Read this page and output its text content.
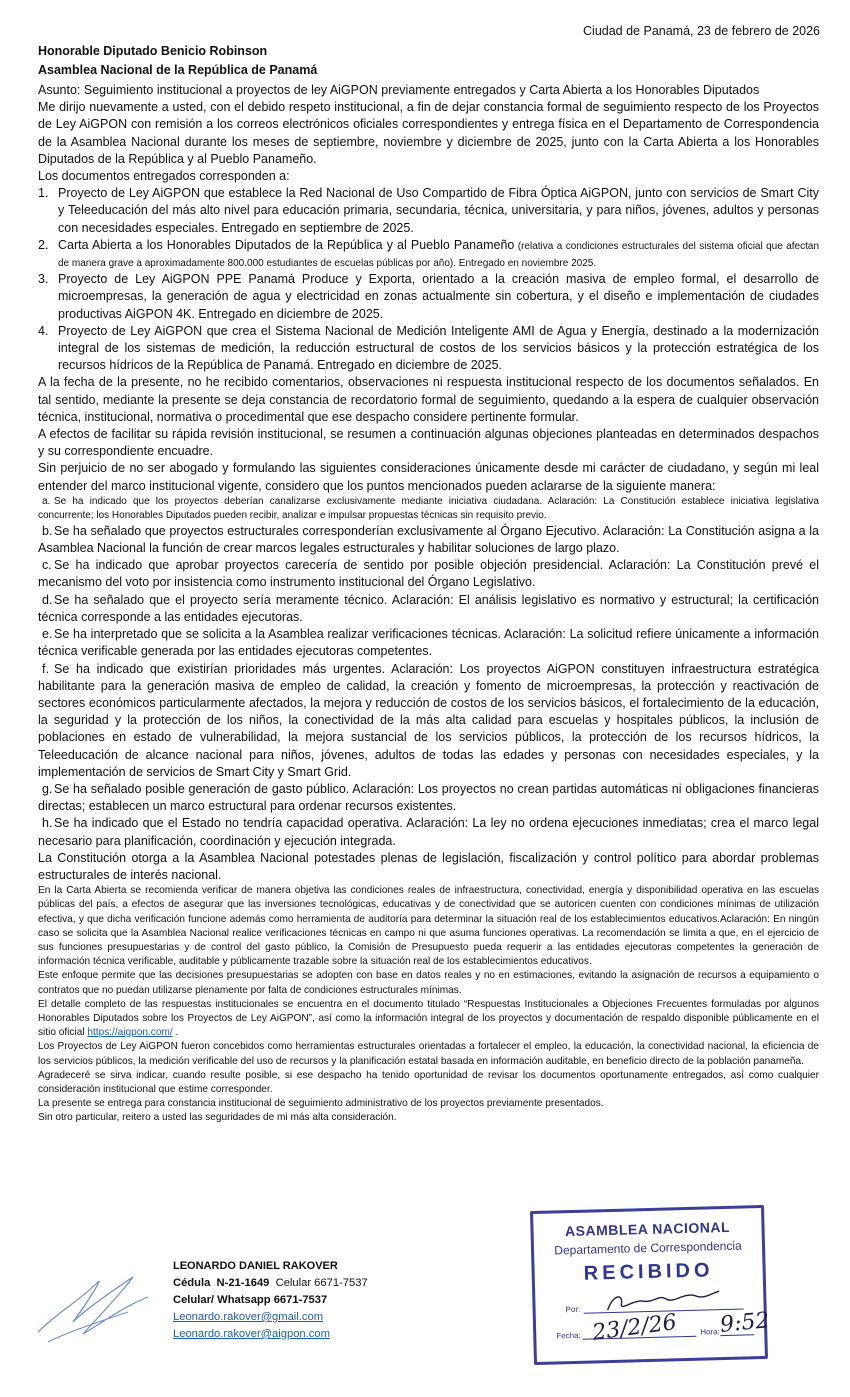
Ciudad de Panamá, 23 de febrero de 2026
Honorable Diputado Benicio Robinson
Asamblea Nacional de la República de Panamá

Asunto: Seguimiento institucional a proyectos de ley AiGPON previamente entregados y Carta Abierta a los Honorables Diputados

Me dirijo nuevamente a usted, con el debido respeto institucional, a fin de dejar constancia formal de seguimiento respecto de los Proyectos de Ley AiGPON con remisión a los correos electrónicos oficiales correspondientes y entrega física en el Departamento de Correspondencia de la Asamblea Nacional durante los meses de septiembre, noviembre y diciembre de 2025, junto con la Carta Abierta a los Honorables Diputados de la República y al Pueblo Panameño.

Los documentos entregados corresponden a:

1. Proyecto de Ley AiGPON que establece la Red Nacional de Uso Compartido de Fibra Óptica AiGPON, junto con servicios de Smart City y Teleeducación del más alto nivel para educación primaria, secundaria, técnica, universitaria, y para niños, jóvenes, adultos y personas con necesidades especiales. Entregado en septiembre de 2025.
2. Carta Abierta a los Honorables Diputados de la República y al Pueblo Panameño (relativa a condiciones estructurales del sistema oficial que afectan de manera grave a aproximadamente 800.000 estudiantes de escuelas públicas por año). Entregado en noviembre 2025.
3. Proyecto de Ley AiGPON PPE Panamá Produce y Exporta, orientado a la creación masiva de empleo formal, el desarrollo de microempresas, la generación de agua y electricidad en zonas actualmente sin cobertura, y el diseño e implementación de ciudades productivas AiGPON 4K. Entregado en diciembre de 2025.
4. Proyecto de Ley AiGPON que crea el Sistema Nacional de Medición Inteligente AMI de Agua y Energía, destinado a la modernización integral de los sistemas de medición, la reducción estructural de costos de los servicios básicos y la protección estratégica de los recursos hídricos de la República de Panamá. Entregado en diciembre de 2025.

A la fecha de la presente, no he recibido comentarios, observaciones ni respuesta institucional respecto de los documentos señalados. En tal sentido, mediante la presente se deja constancia de recordatorio formal de seguimiento, quedando a la espera de cualquier observación técnica, institucional, normativa o procedimental que ese despacho considere pertinente formular.

A efectos de facilitar su rápida revisión institucional, se resumen a continuación algunas objeciones planteadas en determinados despachos y su correspondiente encuadre.

Sin perjuicio de no ser abogado y formulando las siguientes consideraciones únicamente desde mi carácter de ciudadano, y según mi leal entender del marco institucional vigente, considero que los puntos mencionados pueden aclararse de la siguiente manera:

a. Se ha indicado que los proyectos deberían canalizarse exclusivamente mediante iniciativa ciudadana. Aclaración: La Constitución establece iniciativa legislativa concurrente; los Honorables Diputados pueden recibir, analizar e impulsar propuestas técnicas sin requisito previo.

b. Se ha señalado que proyectos estructurales corresponderían exclusivamente al Órgano Ejecutivo. Aclaración: La Constitución asigna a la Asamblea Nacional la función de crear marcos legales estructurales y habilitar soluciones de largo plazo.

c. Se ha indicado que aprobar proyectos carecería de sentido por posible objeción presidencial. Aclaración: La Constitución prevé el mecanismo del voto por insistencia como instrumento institucional del Órgano Legislativo.

d. Se ha señalado que el proyecto sería meramente técnico. Aclaración: El análisis legislativo es normativo y estructural; la certificación técnica corresponde a las entidades ejecutoras.

e. Se ha interpretado que se solicita a la Asamblea realizar verificaciones técnicas. Aclaración: La solicitud refiere únicamente a información técnica verificable generada por las entidades ejecutoras competentes.

f. Se ha indicado que existirían prioridades más urgentes. Aclaración: Los proyectos AiGPON constituyen infraestructura estratégica habilitante para la generación masiva de empleo de calidad, la creación y fomento de microempresas, la protección y reactivación de sectores económicos particularmente afectados, la mejora y reducción de costos de los servicios básicos, el fortalecimiento de la educación, la seguridad y la protección de los niños, la conectividad de la más alta calidad para escuelas y hospitales públicos, la inclusión de poblaciones en estado de vulnerabilidad, la mejora sustancial de los servicios públicos, la protección de los recursos hídricos, la Teleeducación de alcance nacional para niños, jóvenes, adultos de todas las edades y personas con necesidades especiales, y la implementación de servicios de Smart City y Smart Grid.

g. Se ha señalado posible generación de gasto público. Aclaración: Los proyectos no crean partidas automáticas ni obligaciones financieras directas; establecen un marco estructural para ordenar recursos existentes.

h. Se ha indicado que el Estado no tendría capacidad operativa. Aclaración: La ley no ordena ejecuciones inmediatas; crea el marco legal necesario para planificación, coordinación y ejecución integrada.

La Constitución otorga a la Asamblea Nacional potestades plenas de legislación, fiscalización y control político para abordar problemas estructurales de interés nacional.

En la Carta Abierta se recomienda verificar de manera objetiva las condiciones reales de infraestructura, conectividad, energía y disponibilidad operativa en las escuelas públicas del país, a efectos de asegurar que las inversiones tecnológicas, educativas y de conectividad que se autoricen cuenten con condiciones mínimas de utilización efectiva, y que dicha verificación funcione además como herramienta de auditoría para determinar la situación real de los establecimientos educativos.Aclaración: En ningún caso se solicita que la Asamblea Nacional realice verificaciones técnicas en campo ni que asuma funciones operativas. La recomendación se limita a que, en el ejercicio de sus funciones presupuestarias y de control del gasto público, la Comisión de Presupuesto pueda requerir a las entidades ejecutoras competentes la generación de información técnica verificable, auditable y públicamente trazable sobre la situación real de los establecimientos educativos.

Este enfoque permite que las decisiones presupuestarias se adopten con base en datos reales y no en estimaciones, evitando la asignación de recursos a equipamiento o contratos que no puedan utilizarse plenamente por falta de condiciones estructurales mínimas.

El detalle completo de las respuestas institucionales se encuentra en el documento titulado “Respuestas Institucionales a Objeciones Frecuentes formuladas por algunos Honorables Diputados sobre los Proyectos de Ley AiGPON”, así como la información integral de los proyectos y documentación de respaldo disponible públicamente en el sitio oficial https://aigpon.com/ .

Los Proyectos de Ley AiGPON fueron concebidos como herramientas estructurales orientadas a fortalecer el empleo, la educación, la conectividad nacional, la eficiencia de los servicios públicos, la medición verificable del uso de recursos y la planificación estatal basada en información auditable, en beneficio directo de la población panameña.

Agradeceré se sirva indicar, cuando resulte posible, si ese despacho ha tenido oportunidad de revisar los documentos oportunamente entregados, así como cualquier consideración institucional que estime corresponder.

La presente se entrega para constancia institucional de seguimiento administrativo de los proyectos previamente presentados.

Sin otro particular, reitero a usted las seguridades de mi más alta consideración.

LEONARDO DANIEL RAKOVER
Cédula N-21-1649 Celular 6671-7537
Celular/ Whatsapp 6671-7537
Leonardo.rakover@gmail.com
Leonardo.rakover@aigpon.com
ASAMBLEA NACIONAL
Departamento de Correspondencia
RECIBIDO
Por:
Fecha: 23/2/26	Hora: 9:52
